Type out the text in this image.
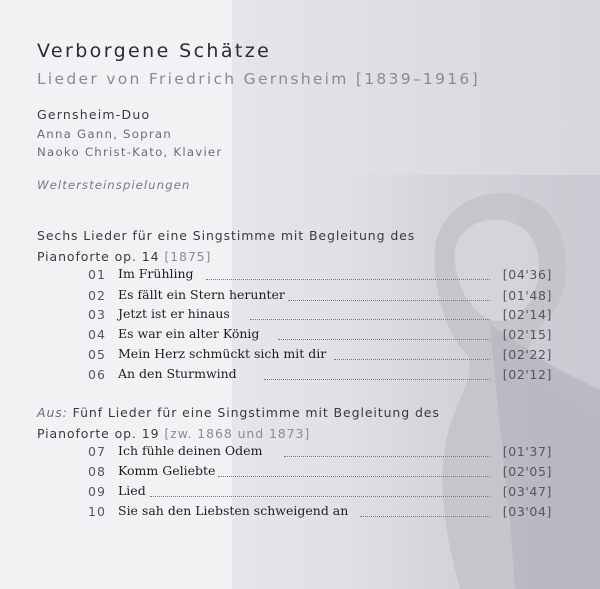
Verborgene Schätze
Lieder von Friedrich Gernsheim [1839–1916]
Gernsheim-Duo
Anna Gann, Sopran
Naoko Christ-Kato, Klavier
Weltersteinspielungen
Sechs Lieder für eine Singstimme mit Begleitung des
Pianoforte op. 14 [1875]
01 Im Frühling	[04'36]
02 Es fällt ein Stern herunter	[01'48]
03 Jetzt ist er hinaus	[02'14]
04 Es war ein alter König	[02'15]
05 Mein Herz schmückt sich mit dir	[02'22]
06 An den Sturmwind	[02'12]
Aus: Fünf Lieder für eine Singstimme mit Begleitung des
Pianoforte op. 19 [zw. 1868 und 1873]
07 Ich fühle deinen Odem	[01'37]
08 Komm Geliebte	[02'05]
09 Lied	[03'47]
10 Sie sah den Liebsten schweigend an	[03'04]
